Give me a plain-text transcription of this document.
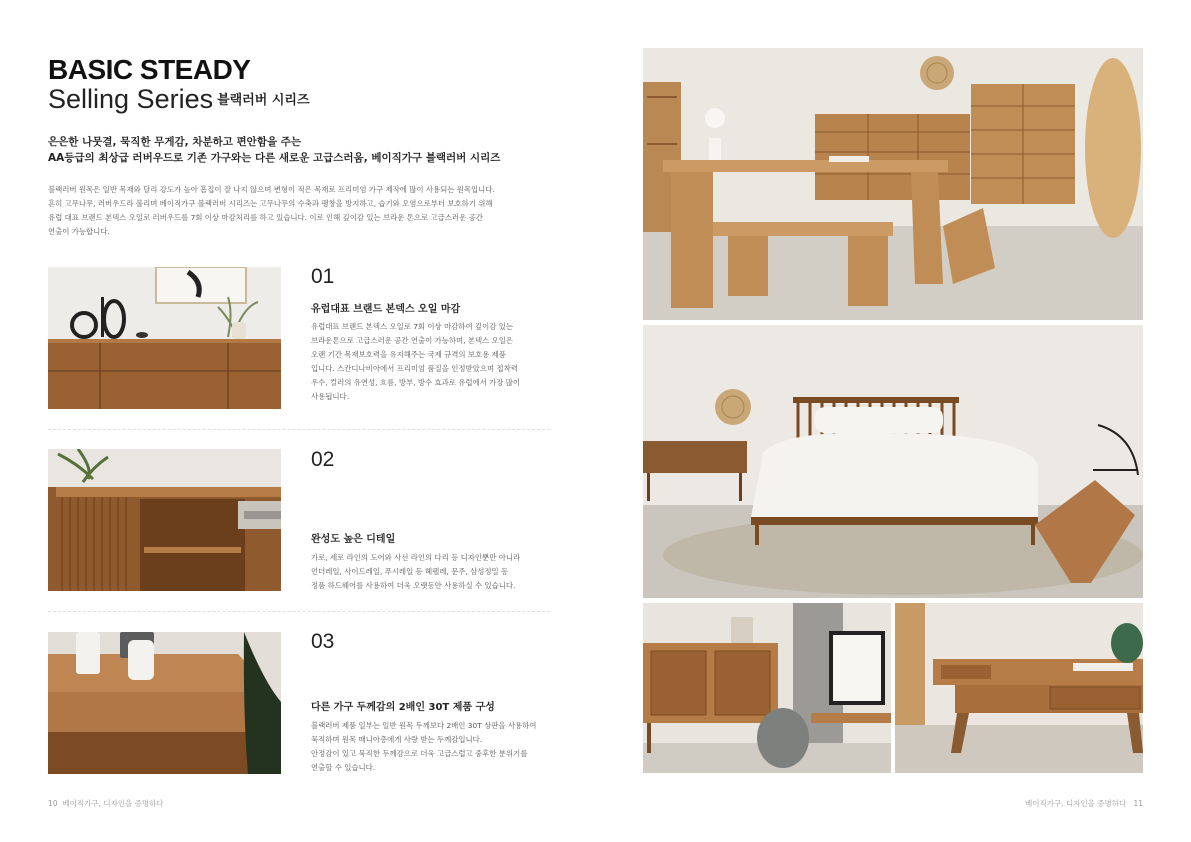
BASIC STEADY
Selling Series 블랙러버 시리즈
은은한 나뭇결, 묵직한 무게감, 차분하고 편안함을 주는
AA등급의 최상급 러버우드로 기존 가구와는 다른 새로운 고급스러움, 베이직가구 블랙러버 시리즈
블랙러버 원목은 일반 목재와 달리 강도가 높아 흠집이 잘 나지 않으며 변형이 적은 목재로 프리미엄 가구 제작에 많이 사용되는 원목입니다.
흔히 고무나무, 러버우드라 불리며 베이직가구 블랙러버 시리즈는 고무나무의 수축과 팽창을 방지하고, 습기와 오염으로부터 보호하기 위해
유럽 대표 브랜드 본덱스 오일로 러버우드를 7회 이상 마감처리를 하고 있습니다. 이로 인해 깊이감 있는 브라운 톤으로 고급스러운 공간
연출이 가능합니다.
01
유럽대표 브랜드 본덱스 오일 마감
유럽대표 브랜드 본덱스 오일로 7회 이상 마감하여 깊이감 있는
브라운톤으로 고급스러운 공간 연출이 가능하며, 본덱스 오일은
오랜 기간 목재보호력을 유지해주는 국제 규격의 보호용 제품
입니다. 스칸디나비아에서 프리미엄 품질을 인정받았으며 접착력
우수, 컬러의 유연성, 흐름, 방부, 방수 효과로 유럽에서 가장 많이
사용됩니다.
02
완성도 높은 디테일
가로, 세로 라인의 도어와 사선 라인의 다리 등 디자인뿐만 아니라
언더레일, 사이드레일, 푸시레일 등 헤펠레, 문주, 삼성정밀 등
정품 하드웨어를 사용하여 더욱 오랫동안 사용하실 수 있습니다.
03
다른 가구 두께감의 2배인 30T 제품 구성
블랙러버 제품 일부는 일반 원목 두께보다 2배인 30T 상판을 사용하여
묵직하며 원목 매니아층에게 사랑 받는 두께감입니다.
안정감이 있고 묵직한 두께감으로 더욱 고급스럽고 중후한 분위기를
연출할 수 있습니다.
10 베이직가구, 디자인을 증명하다	베이직가구, 디자인을 증명하다 11
